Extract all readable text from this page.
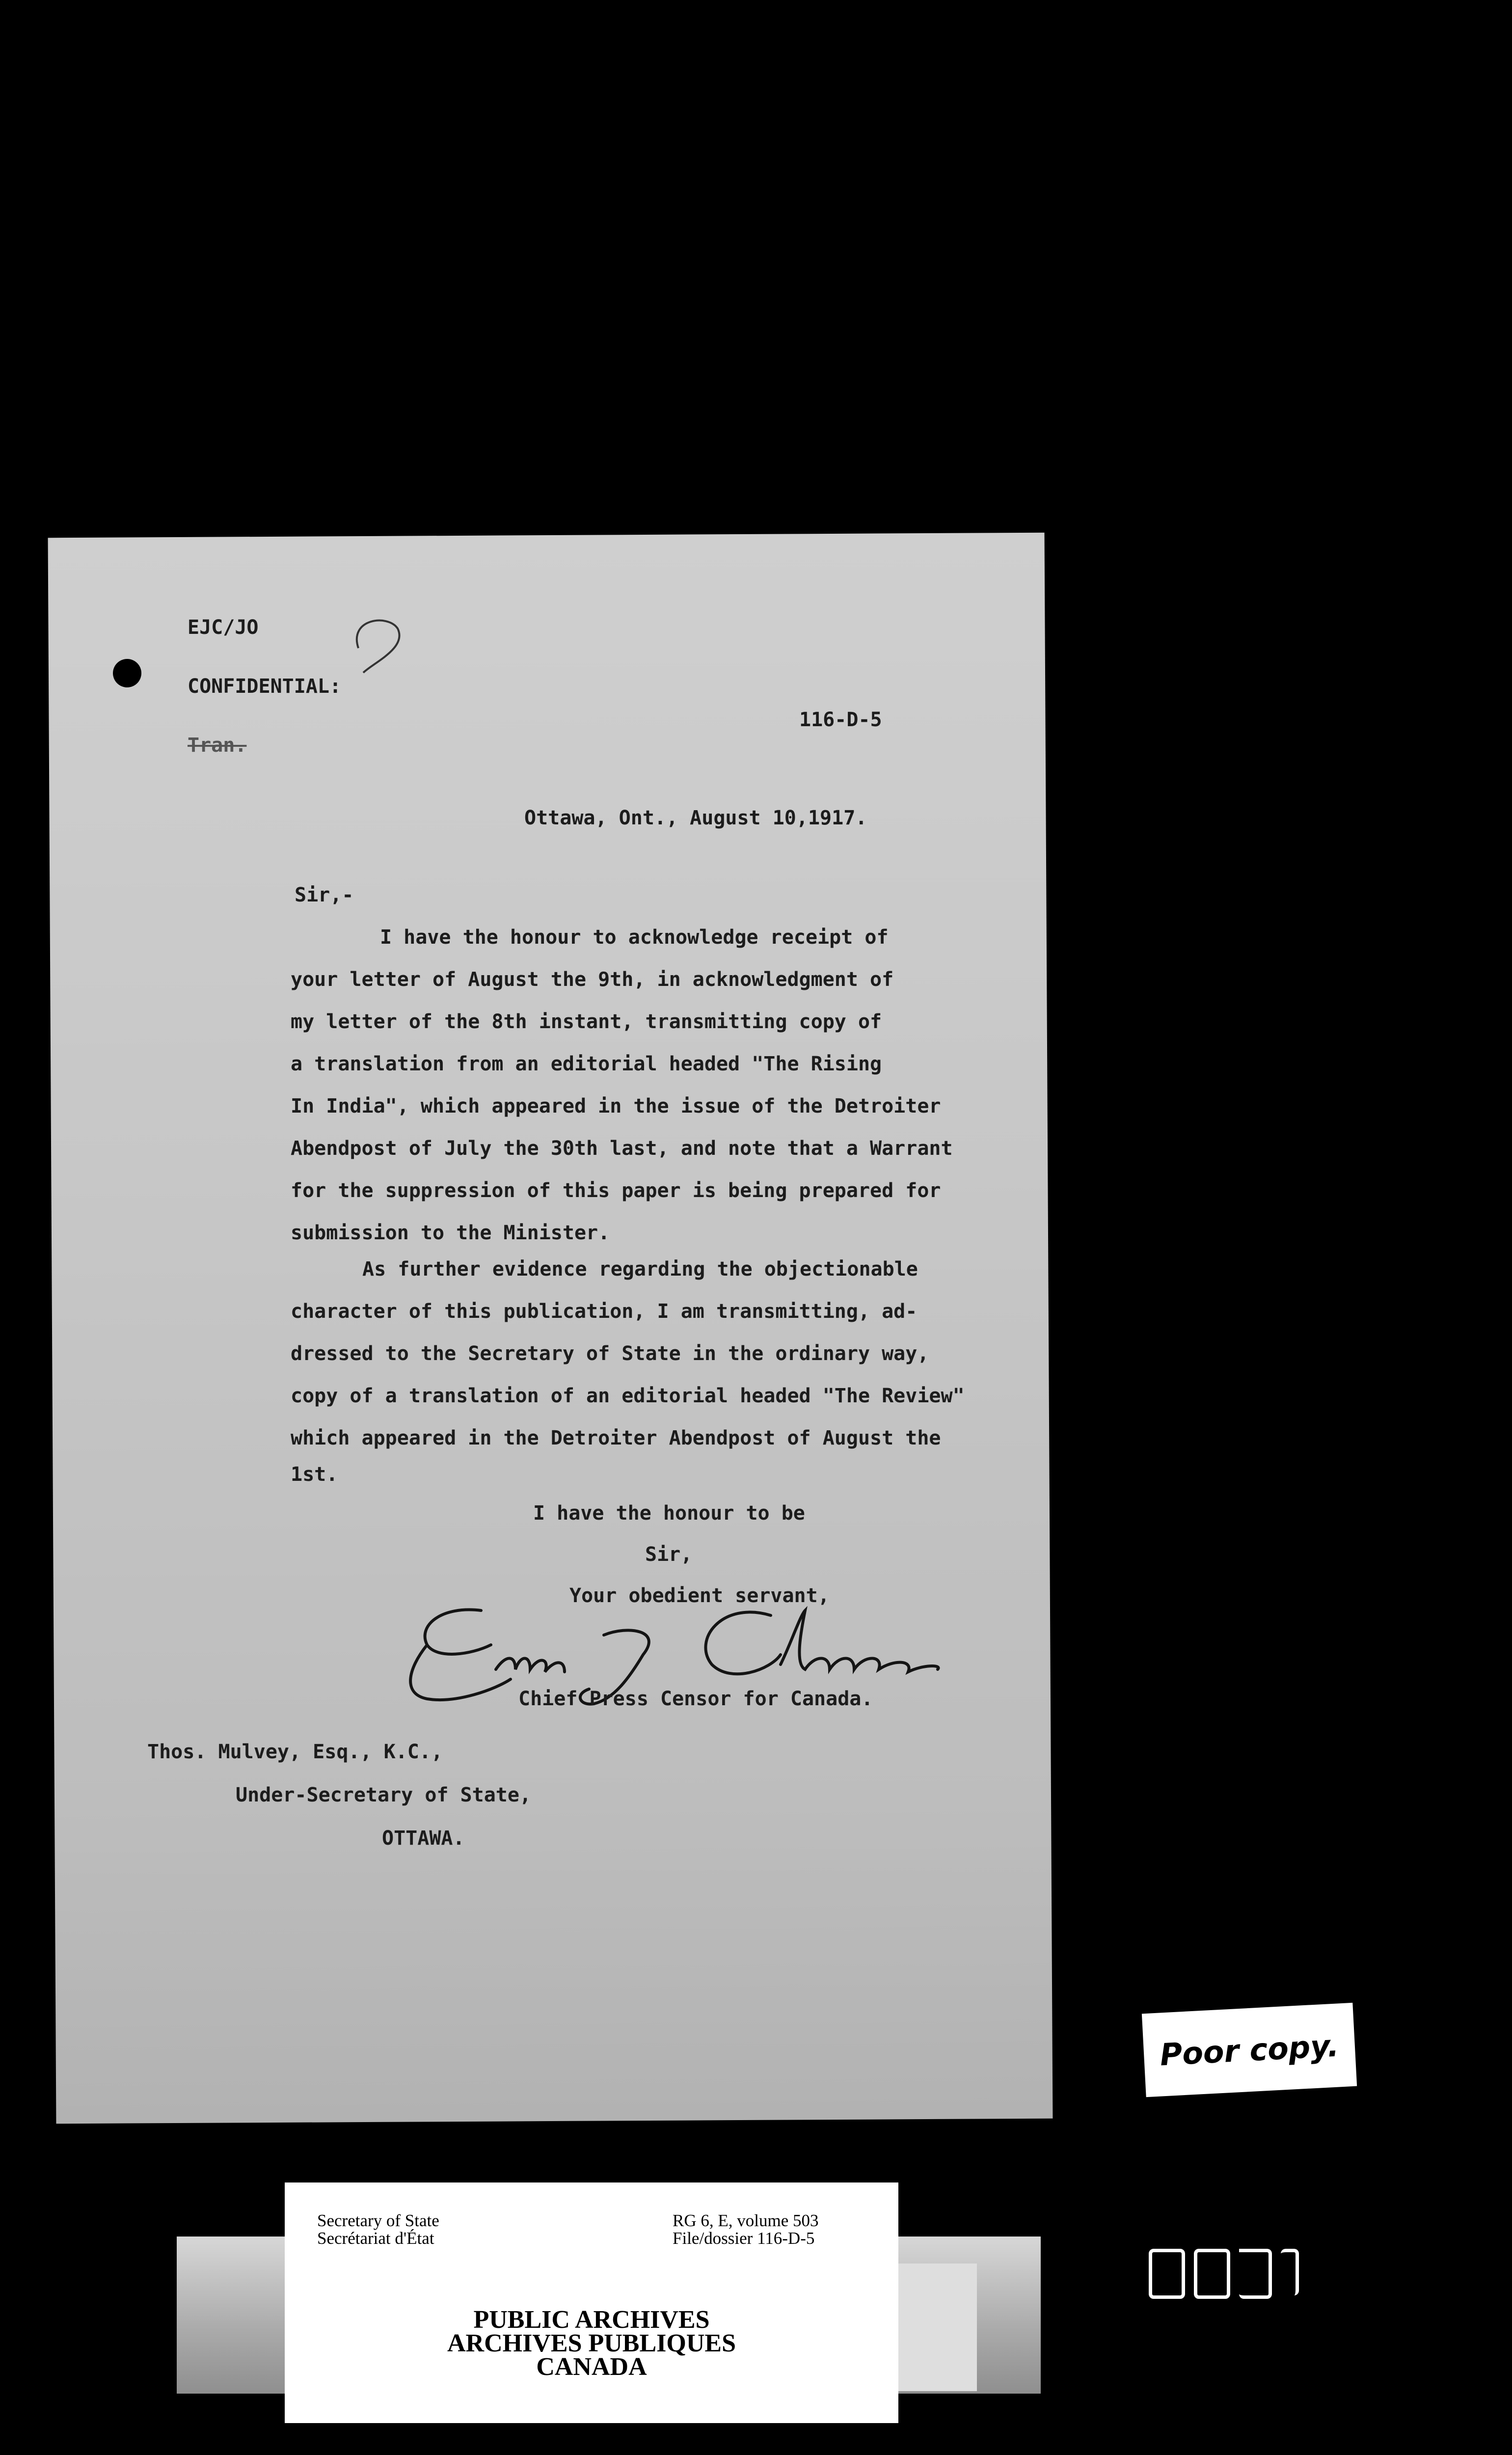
EJC/JO
CONFIDENTIAL:
Tran.
116-D-5
Ottawa, Ont., August 10,1917.
Sir,-
I have the honour to acknowledge receipt of
your letter of August the 9th, in acknowledgment of
my letter of the 8th instant, transmitting copy of
a translation from an editorial headed "The Rising
In India", which appeared in the issue of the Detroiter
Abendpost of July the 30th last, and note that a Warrant
for the suppression of this paper is being prepared for
submission to the Minister.
As further evidence regarding the objectionable
character of this publication, I am transmitting, ad-
dressed to the Secretary of State in the ordinary way,
copy of a translation of an editorial headed "The Review"
which appeared in the Detroiter Abendpost of August the
1st.
I have the honour to be
Sir,
Your obedient servant,
Chief Press Censor for Canada.
Thos. Mulvey, Esq., K.C.,
Under-Secretary of State,
OTTAWA.
Poor copy.
Secretary of State
Secrétariat d'État
RG 6, E, volume 503
File/dossier 116-D-5
PUBLIC ARCHIVES
ARCHIVES PUBLIQUES
CANADA
